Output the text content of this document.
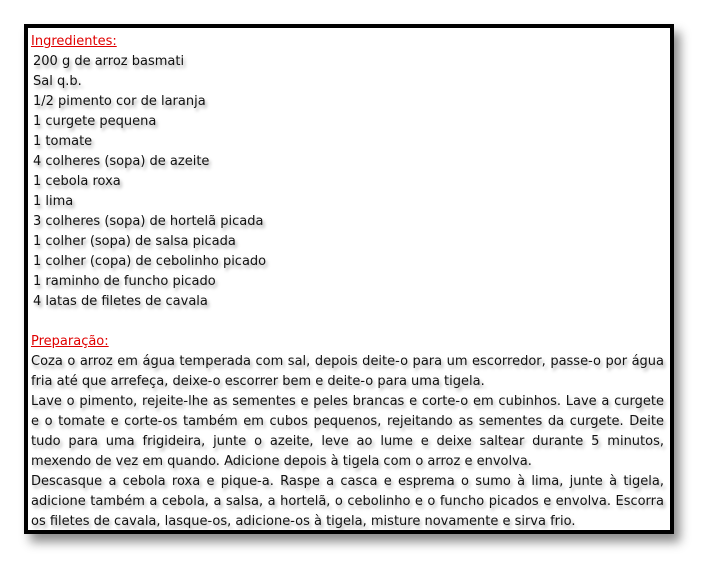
Ingredientes:
200 g de arroz basmati
Sal q.b.
1/2 pimento cor de laranja
1 curgete pequena
1 tomate
4 colheres (sopa) de azeite
1 cebola roxa
1 lima
3 colheres (sopa) de hortelã picada
1 colher (sopa) de salsa picada
1 colher (copa) de cebolinho picado
1 raminho de funcho picado
4 latas de filetes de cavala
Preparação:

Coza o arroz em água temperada com sal, depois deite-o para um escorredor, passe-o por água fria até que arrefeça, deixe-o escorrer bem e deite-o para uma tigela.

Lave o pimento, rejeite-lhe as sementes e peles brancas e corte-o em cubinhos. Lave a curgete e o tomate e corte-os também em cubos pequenos, rejeitando as sementes da curgete. Deite tudo para uma frigideira, junte o azeite, leve ao lume e deixe saltear durante 5 minutos, mexendo de vez em quando. Adicione depois à tigela com o arroz e envolva.

Descasque a cebola roxa e pique-a. Raspe a casca e esprema o sumo à lima, junte à tigela, adicione também a cebola, a salsa, a hortelã, o cebolinho e o funcho picados e envolva. Escorra os filetes de cavala, lasque-os, adicione-os à tigela, misture novamente e sirva frio.
